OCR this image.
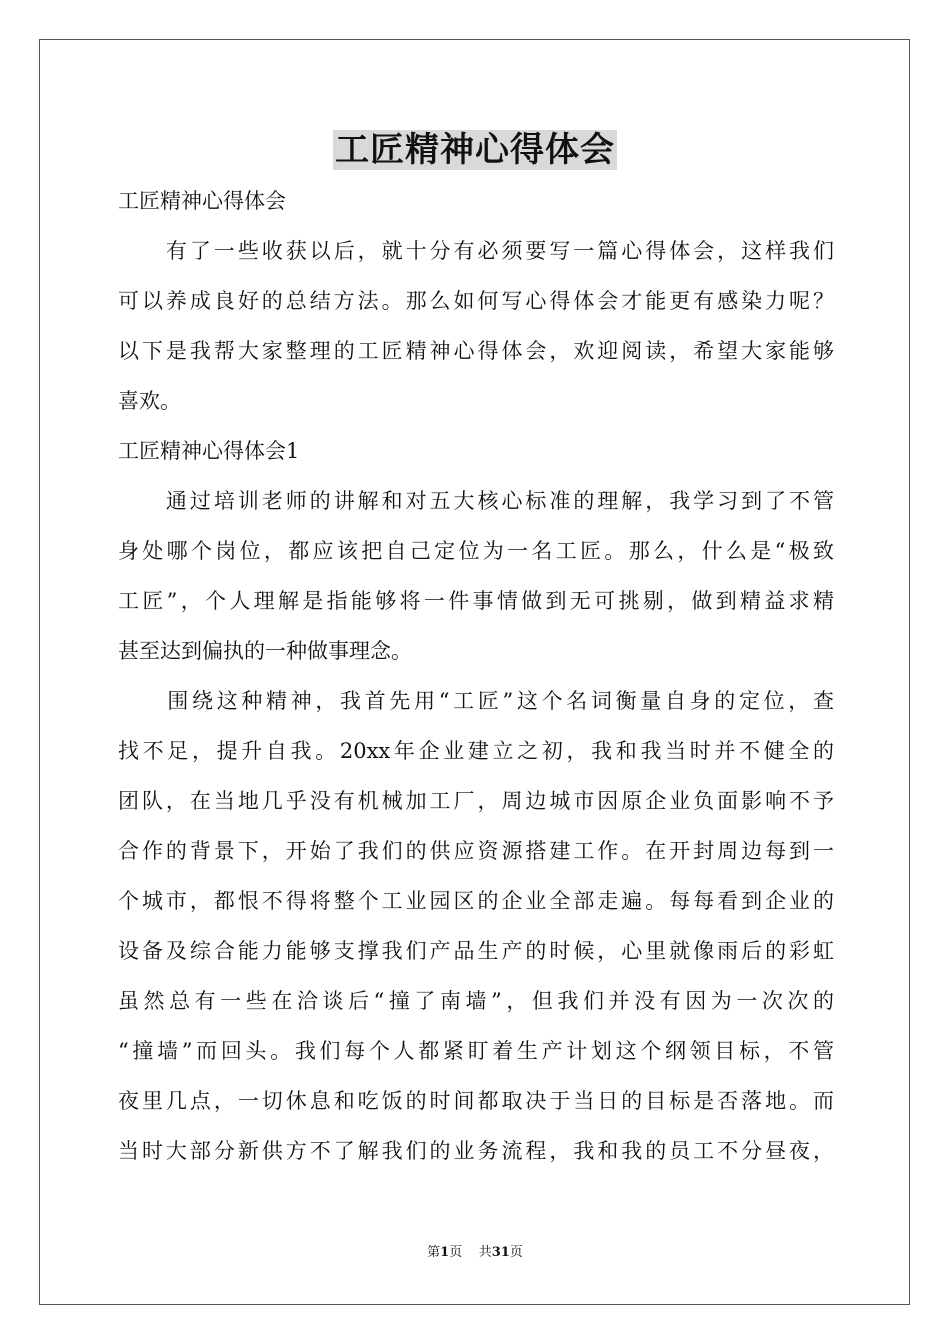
工匠精神心得体会
工匠精神心得体会
　　有了一些收获以后，就十分有必须要写一篇心得体会，这样我们
可以养成良好的总结方法。那么如何写心得体会才能更有感染力呢？
以下是我帮大家整理的工匠精神心得体会，欢迎阅读，希望大家能够
喜欢。
工匠精神心得体会1
　　通过培训老师的讲解和对五大核心标准的理解，我学习到了不管
身处哪个岗位，都应该把自己定位为一名工匠。那么，什么是“极致
工匠”，个人理解是指能够将一件事情做到无可挑剔，做到精益求精
甚至达到偏执的一种做事理念。
　　围绕这种精神，我首先用“工匠”这个名词衡量自身的定位，查
找不足，提升自我。20xx年企业建立之初，我和我当时并不健全的
团队，在当地几乎没有机械加工厂，周边城市因原企业负面影响不予
合作的背景下，开始了我们的供应资源搭建工作。在开封周边每到一
个城市，都恨不得将整个工业园区的企业全部走遍。每每看到企业的
设备及综合能力能够支撑我们产品生产的时候，心里就像雨后的彩虹
虽然总有一些在洽谈后“撞了南墙”，但我们并没有因为一次次的
“撞墙”而回头。我们每个人都紧盯着生产计划这个纲领目标，不管
夜里几点，一切休息和吃饭的时间都取决于当日的目标是否落地。而
当时大部分新供方不了解我们的业务流程，我和我的员工不分昼夜，
第1页 共31页
